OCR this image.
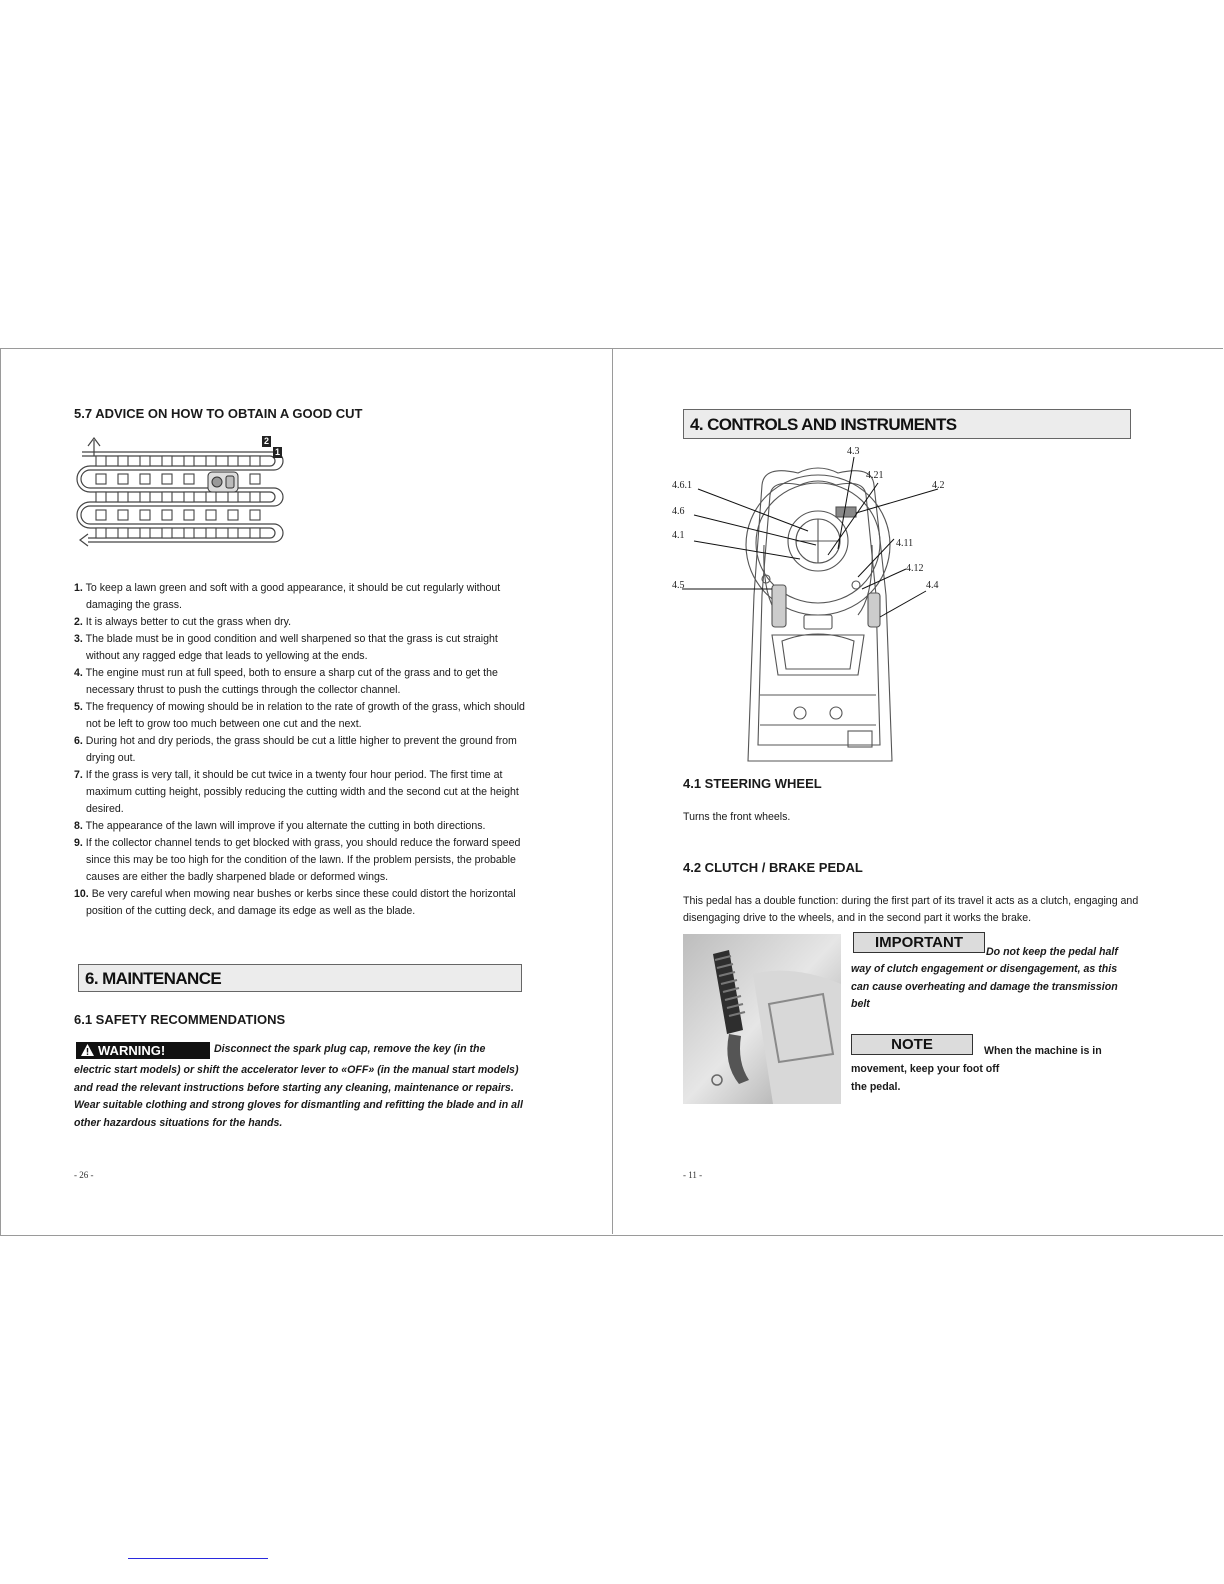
5.7 ADVICE ON HOW TO OBTAIN A GOOD CUT
2
1
1. To keep a lawn green and soft with a good appearance, it should be cut regularly without damaging the grass.
2. It is always better to cut the grass when dry.
3. The blade must be in good condition and well sharpened so that the grass is cut straight without any ragged edge that leads to yellowing at the ends.
4. The engine must run at full speed, both to ensure a sharp cut of the grass and to get the necessary thrust to push the cuttings through the collector channel.
5. The frequency of mowing should be in relation to the rate of growth of the grass, which should not be left to grow too much between one cut and the next.
6. During hot and dry periods, the grass should be cut a little higher to prevent the ground from drying out.
7. If the grass is very tall, it should be cut twice in a twenty four hour period. The first time at maximum cutting height, possibly reducing the cutting width and the second cut at the height desired.
8. The appearance of the lawn will improve if you alternate the cutting in both directions.
9. If the collector channel tends to get blocked with grass, you should reduce the forward speed since this may be too high for the condition of the lawn. If the problem persists, the probable causes are either the badly sharpened blade or deformed wings.
10. Be very careful when mowing near bushes or kerbs since these could distort the horizontal position of the cutting deck, and damage its edge as well as the blade.
6. MAINTENANCE
6.1 SAFETY RECOMMENDATIONS
WARNING!	Disconnect the spark plug cap, remove the key (in the
electric start models) or shift the accelerator lever to «OFF» (in the manual start models) and read the relevant instructions before starting any cleaning, maintenance or repairs. Wear suitable clothing and strong gloves for dismantling and refitting the blade and in all other hazardous situations for the hands.
- 26 -
4. CONTROLS AND INSTRUMENTS
4.3
4.21
4.2
4.6.1
4.6
4.1
4.11
4.12
4.5	4.4
4.1 STEERING WHEEL
Turns the front wheels.
4.2 CLUTCH / BRAKE PEDAL
This pedal has a double function: during the first part of its travel it acts as a clutch, engaging and disengaging drive to the wheels, and in the second part it works the brake.
IMPORTANT
Do not keep the pedal half
way of clutch engagement or disengagement, as this can cause overheating and damage the transmission belt
NOTE	When the machine is in
movement, keep your foot off the pedal.
- 11 -
